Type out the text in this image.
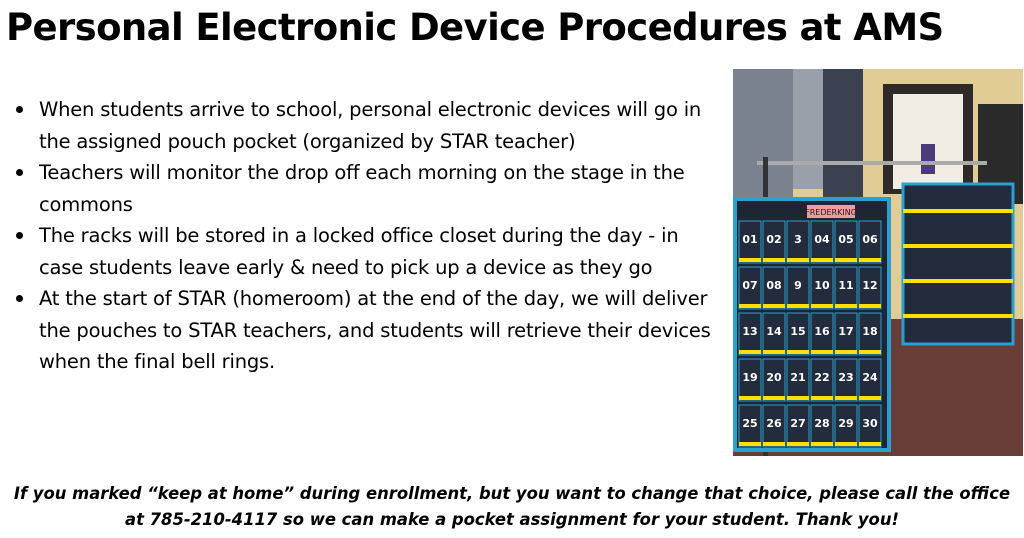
Personal Electronic Device Procedures at AMS
When students arrive to school, personal electronic devices will go in the assigned pouch pocket (organized by STAR teacher)
Teachers will monitor the drop off each morning on the stage in the commons
The racks will be stored in a locked office closet during the day - in case students leave early & need to pick up a device as they go
At the start of STAR (homeroom) at the end of the day, we will deliver the pouches to STAR teachers, and students will retrieve their devices when the final bell rings.
FREDERKING
01 02 3 04 05 06
07 08 9 10 11 12
13 14 15 16 17 18
19 20 21 22 23 24
25 26 27 28 29 30

If you marked “keep at home” during enrollment, but you want to change that choice, please call the office at 785-210-4117 so we can make a pocket assignment for your student. Thank you!
